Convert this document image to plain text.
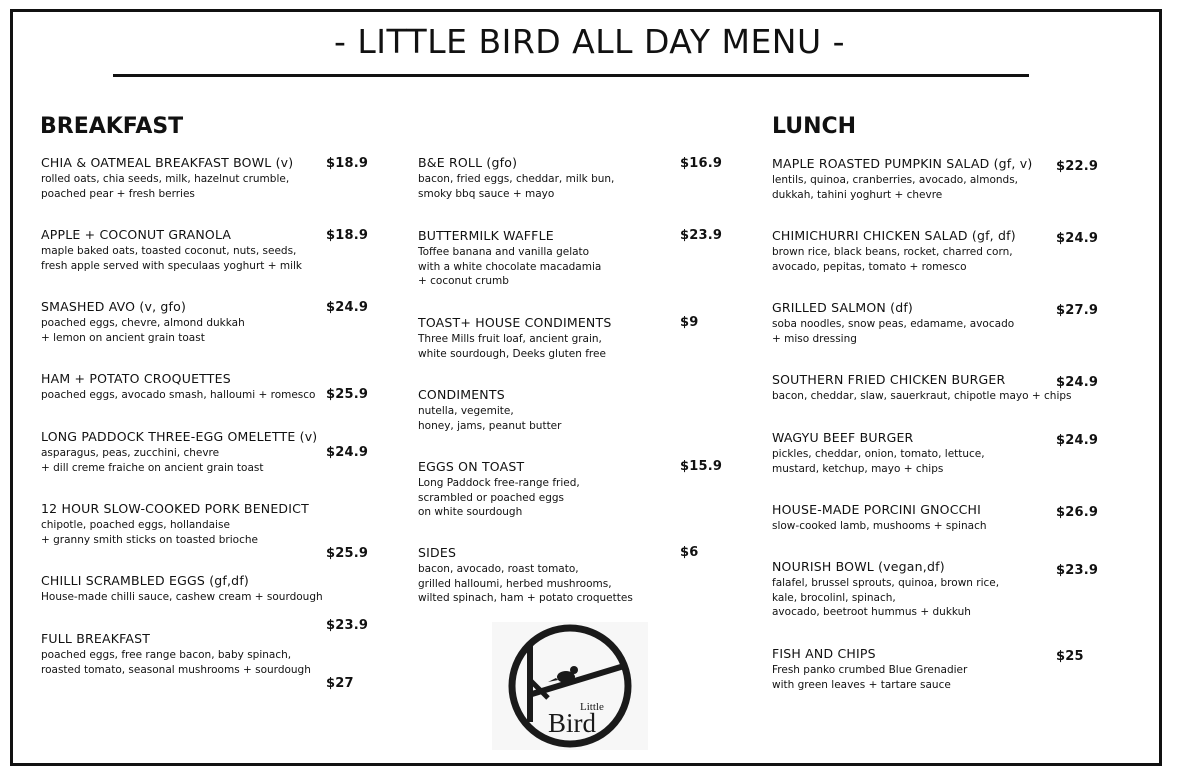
- LITTLE BIRD ALL DAY MENU -
BREAKFAST	LUNCH
CHIA & OATMEAL BREAKFAST BOWL (v)
rolled oats, chia seeds, milk, hazelnut crumble,
poached pear + fresh berries
$18.9
APPLE + COCONUT GRANOLA
maple baked oats, toasted coconut, nuts, seeds,
fresh apple served with speculaas yoghurt + milk
$18.9
SMASHED AVO (v, gfo)
poached eggs, chevre, almond dukkah
+ lemon on ancient grain toast
$24.9
HAM + POTATO CROQUETTES
poached eggs, avocado smash, halloumi + romesco $25.9
LONG PADDOCK THREE-EGG OMELETTE (v)
asparagus, peas, zucchini, chevre
+ dill creme fraiche on ancient grain toast
$24.9
12 HOUR SLOW-COOKED PORK BENEDICT
chipotle, poached eggs, hollandaise
+ granny smith sticks on toasted brioche
$25.9
CHILLI SCRAMBLED EGGS (gf,df)
House-made chilli sauce, cashew cream + sourdough
$23.9
FULL BREAKFAST
poached eggs, free range bacon, baby spinach,
roasted tomato, seasonal mushrooms + sourdough
$27
B&E ROLL (gfo)
bacon, fried eggs, cheddar, milk bun,
smoky bbq sauce + mayo
$16.9
BUTTERMILK WAFFLE
Toffee banana and vanilla gelato
with a white chocolate macadamia
+ coconut crumb
$23.9
TOAST+ HOUSE CONDIMENTS
Three Mills fruit loaf, ancient grain,
white sourdough, Deeks gluten free
$9
CONDIMENTS
nutella, vegemite,
honey, jams, peanut butter
EGGS ON TOAST
Long Paddock free-range fried,
scrambled or poached eggs
on white sourdough
$15.9
SIDES
bacon, avocado, roast tomato,
grilled halloumi, herbed mushrooms,
wilted spinach, ham + potato croquettes
$6
MAPLE ROASTED PUMPKIN SALAD (gf, v)
lentils, quinoa, cranberries, avocado, almonds,
dukkah, tahini yoghurt + chevre
$22.9
CHIMICHURRI CHICKEN SALAD (gf, df)
brown rice, black beans, rocket, charred corn,
avocado, pepitas, tomato + romesco
$24.9
GRILLED SALMON (df)
soba noodles, snow peas, edamame, avocado
+ miso dressing
$27.9
SOUTHERN FRIED CHICKEN BURGER
bacon, cheddar, slaw, sauerkraut, chipotle mayo + chips
$24.9
WAGYU BEEF BURGER
pickles, cheddar, onion, tomato, lettuce,
mustard, ketchup, mayo + chips
$24.9
HOUSE-MADE PORCINI GNOCCHI
slow-cooked lamb, mushooms + spinach
$26.9
NOURISH BOWL (vegan,df)
falafel, brussel sprouts, quinoa, brown rice,
kale, brocolinl, spinach,
avocado, beetroot hummus + dukkuh
$23.9
FISH AND CHIPS
Fresh panko crumbed Blue Grenadier
with green leaves + tartare sauce
$25
Little
Bird
